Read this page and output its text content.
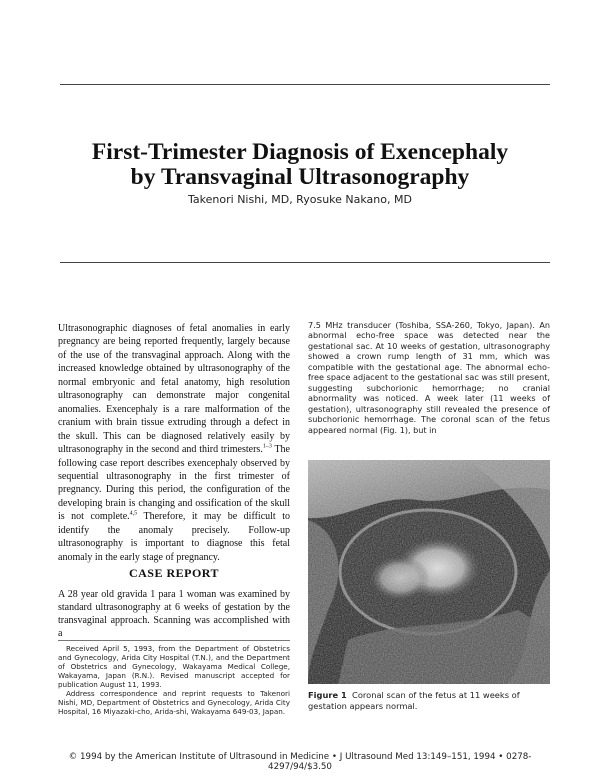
First-Trimester Diagnosis of Exencephaly
by Transvaginal Ultrasonography
Takenori Nishi, MD, Ryosuke Nakano, MD

Ultrasonographic diagnoses of fetal anomalies in early pregnancy are being reported frequently, largely because of the use of the transvaginal approach. Along with the increased knowledge obtained by ultrasonography of the normal embryonic and fetal anatomy, high resolution ultrasonography can demonstrate major congenital anomalies. Exencephaly is a rare malformation of the cranium with brain tissue extruding through a defect in the skull. This can be diagnosed relatively easily by ultrasonography in the second and third trimesters.$^{1-3}$ The following case report describes exencephaly observed by sequential ultrasonography in the first trimester of pregnancy. During this period, the configuration of the developing brain is changing and ossification of the skull is not complete.$^{4,5}$ Therefore, it may be difficult to identify the anomaly precisely. Follow-up ultrasonography is important to diagnose this fetal anomaly in the early stage of pregnancy.

CASE REPORT

A 28 year old gravida 1 para 1 woman was examined by standard ultrasonography at 6 weeks of gestation by the transvaginal approach. Scanning was accomplished with a

Received April 5, 1993, from the Department of Obstetrics and Gynecology, Arida City Hospital (T.N.), and the Department of Obstetrics and Gynecology, Wakayama Medical College, Wakayama, Japan (R.N.). Revised manuscript accepted for publication August 11, 1993.

Address correspondence and reprint requests to Takenori Nishi, MD, Department of Obstetrics and Gynecology, Arida City Hospital, 16 Miyazaki-cho, Arida-shi, Wakayama 649-03, Japan.

7.5 MHz transducer (Toshiba, SSA-260, Tokyo, Japan). An abnormal echo-free space was detected near the gestational sac. At 10 weeks of gestation, ultrasonography showed a crown rump length of 31 mm, which was compatible with the gestational age. The abnormal echo-free space adjacent to the gestational sac was still present, suggesting subchorionic hemorrhage; no cranial abnormality was noticed. A week later (11 weeks of gestation), ultrasonography still revealed the presence of subchorionic hemorrhage. The coronal scan of the fetus appeared normal (Fig. 1), but in

Figure 1 Coronal scan of the fetus at 11 weeks of gestation appears normal.
© 1994 by the American Institute of Ultrasound in Medicine • J Ultrasound Med 13:149–151, 1994 • 0278-4297/94/$3.50
